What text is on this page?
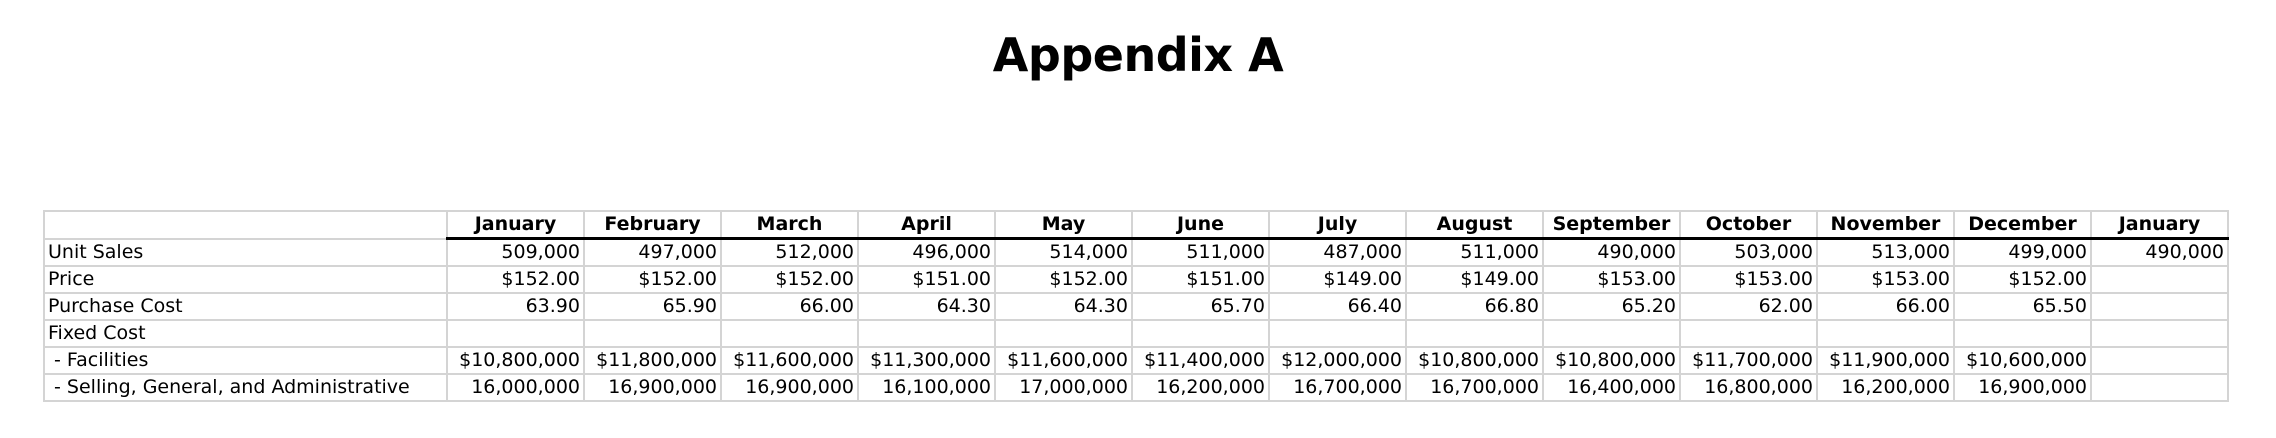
Appendix A
	January	February	March	April	May	June	July	August	September	October	November	December	January
Unit Sales	509,000	497,000	512,000	496,000	514,000	511,000	487,000	511,000	490,000	503,000	513,000	499,000	490,000
Price	$152.00	$152.00	$152.00	$151.00	$152.00	$151.00	$149.00	$149.00	$153.00	$153.00	$153.00	$152.00	
Purchase Cost	63.90	65.90	66.00	64.30	64.30	65.70	66.40	66.80	65.20	62.00	66.00	65.50	
Fixed Cost													
- Facilities	$10,800,000	$11,800,000	$11,600,000	$11,300,000	$11,600,000	$11,400,000	$12,000,000	$10,800,000	$10,800,000	$11,700,000	$11,900,000	$10,600,000	
- Selling, General, and Administrative	16,000,000	16,900,000	16,900,000	16,100,000	17,000,000	16,200,000	16,700,000	16,700,000	16,400,000	16,800,000	16,200,000	16,900,000	
